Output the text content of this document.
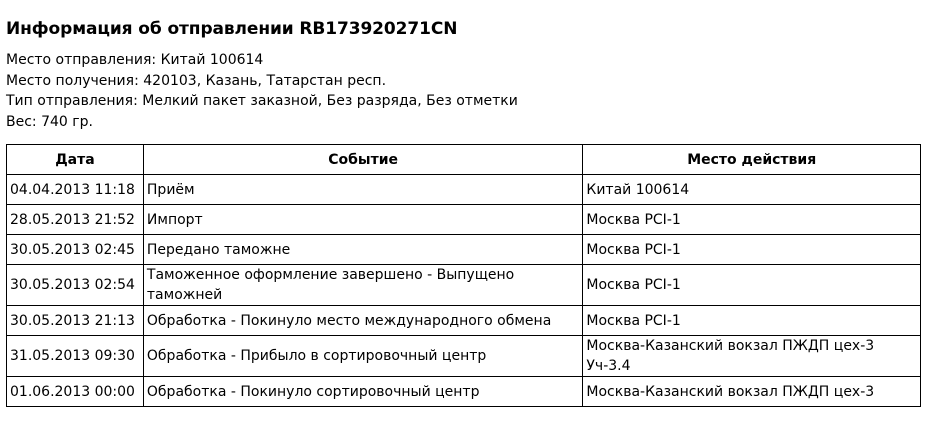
Информация об отправлении RB173920271CN
Место отправления: Китай 100614
Место получения: 420103, Казань, Татарстан респ.
Тип отправления: Мелкий пакет заказной, Без разряда, Без отметки
Вес: 740 гр.
Дата	Событие	Место действия
04.04.2013 11:18	Приём	Китай 100614
28.05.2013 21:52	Импорт	Москва PCI-1
30.05.2013 02:45	Передано таможне	Москва PCI-1
30.05.2013 02:54	Таможенное оформление завершено - Выпущено таможней	Москва PCI-1
30.05.2013 21:13	Обработка - Покинуло место международного обмена	Москва PCI-1
31.05.2013 09:30	Обработка - Прибыло в сортировочный центр	Москва-Казанский вокзал ПЖДП цех-3 Уч-3.4
01.06.2013 00:00	Обработка - Покинуло сортировочный центр	Москва-Казанский вокзал ПЖДП цех-3
